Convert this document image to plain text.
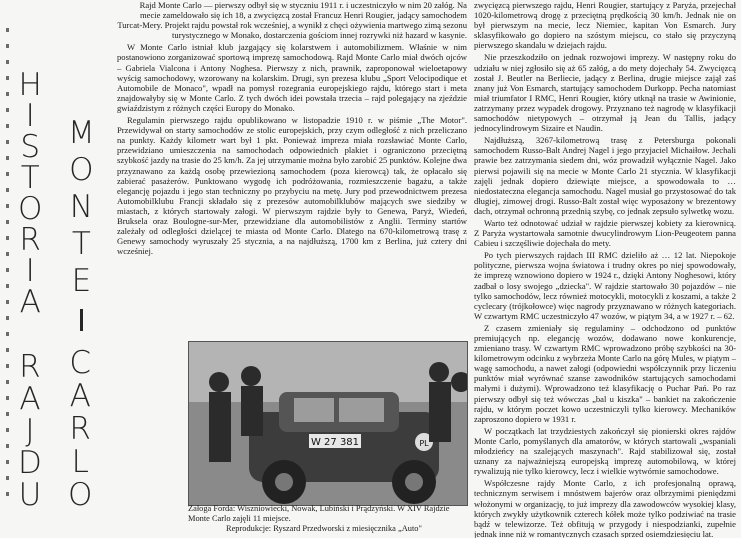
H
I
S
T
O
R
I
A
M
O
N
T
E
R
A
J
D
U
C
A
R
L
O

Rajd Monte Carlo — pierwszy odbył się w styczniu 1911 r. i uczestniczyło w nim 20 załóg. Na mecie zameldowało się ich 18, a zwycięzcą został Francuz Henri Rougier, jadący samochodem Turcat-Mery. Projekt rajdu powstał rok wcześniej, a wynikł z chęci ożywienia martwego zimą sezonu turystycznego w Monako, dostarczenia gościom innej rozrywki niż hazard w kasynie.

W Monte Carlo istniał klub jazgający się kolarstwem i automobilizmem. Właśnie w nim postanowiono zorganizować sportową imprezę samochodową. Rajd Monte Carlo miał dwóch ojców – Gabriela Vialcona i Antony Noghesa. Pierwszy z nich, prawnik, zaproponował wieloetapowy wyścig samochodowy, wzorowany na kolarskim. Drugi, syn prezesa klubu „Sport Velocipodique et Automobile de Monaco", wpadł na pomysł rozegrania europejskiego rajdu, którego start i meta znajdowałyby się w Monte Carlo. Z tych dwóch idei powstała trzecia – rajd polegający na zjeździe gwiaździstym z różnych części Europy do Monako.

Regulamin pierwszego rajdu opublikowano w listopadzie 1910 r. w piśmie „The Motor". Przewidywał on starty samochodów ze stolic europejskich, przy czym odległość z nich przeliczano na punkty. Każdy kilometr wart był 1 pkt. Ponieważ impreza miała rozsławiać Monte Carlo, przewidziano umieszczenia na samochodach odpowiednich plakiet i ograniczono przeciętną szybkość jazdy na trasie do 25 km/h. Za jej utrzymanie można było zarobić 25 punktów. Kolejne dwa przyznawano za każdą osobę przewiezioną samochodem (poza kierowcą) tak, że opłacało się zabierać pasażerów. Punktowano wygodę ich podróżowania, rozmieszczenie bagażu, a także elegancję pojazdu i jego stan techniczny po przybyciu na metę. Jury pod przewodnictwem prezesa Automobilklubu Francji składało się z prezesów automobilklubów mających swe siedziby w miastach, z których startowały załogi. W pierwszym rajdzie były to Genewa, Paryż, Wiedeń, Bruksela oraz Boulogne-sur-Mer, przewidziane dla automobilistów z Anglii. Terminy startów zależały od odległości dzielącej te miasta od Monte Carlo. Dlatego na 670-kilometrową trasę z Genewy samochody wyruszały 25 stycznia, a na najdłuższą, 1700 km z Berlina, już cztery dni wcześniej.

zwycięzcą pierwszego rajdu, Henri Rougier, startujący z Paryża, przejechał 1020-kilometrową drogę z przeciętną prędkością 30 km/h. Jednak nie on był pierwszym na mecie, lecz Niemiec, kapitan Von Esmarch. Jury sklasyfikowało go dopiero na szóstym miejscu, co stało się przyczyną pierwszego skandalu w dziejach rajdu.

Nie przeszkodziło on jednak rozwojowi imprezy. W następny roku do udziału w niej zgłosiło się aż 65 załóg, a do mety dojechały 54. Zwycięzcą został J. Beutler na Berliecie, jadący z Berlina, drugie miejsce zajął zaś znany już Von Esmarch, startujący samochodem Durkopp. Pecha natomiast miał triumfator I RMC, Henri Rougier, który utknął na trasie w Awinionie, zatrzymany przez wypadek drogowy. Przyznano też nagrodę w klasyfikacji samochodów nietypowych – otrzymał ją Jean du Tallis, jadący jednocylindrowym Sizaire et Naudin.

Najdłuższą, 3267-kilometrową trasę z Petersburga pokonali samochodem Russo-Balt Andrej Nagel i jego przyjaciel Michaiłow. Jechali prawie bez zatrzymania siedem dni, wóz prowadził wyłącznie Nagel. Jako pierwsi pojawili się na mecie w Monte Carlo 21 stycznia. W klasyfikacji zajęli jednak dopiero dziewiąte miejsce, a spowodowała to … niedostateczna elegancja samochodu. Nagel musiał go przystosować do tak długiej, zimowej drogi. Russo-Balt został więc wyposażony w brezentowy dach, otrzymał ochronną przednią szybę, co jednak zepsuło sylwetkę wozu.

Warto też odnotować udział w rajdzie pierwszej kobiety za kierownicą. Z Paryża wystartowała samotnie dwucylindrowym Lion-Peugeotem panna Cabieu i szczęśliwie dojechała do mety.

Po tych pierwszych rajdach III RMC dzieliło aż … 12 lat. Niepokoje polityczne, pierwsza wojna światowa i trudny okres po niej spowodowały, że imprezę wznowiono dopiero w 1924 r., dzięki Antony Noghesowi, który zadbał o losy swojego „dziecka". W rajdzie startowało 30 pojazdów – nie tylko samochodów, lecz również motocykli, motocykli z koszami, a także 2 cyclecary (trójkołowce) więc nagrody przyznawano w różnych kategoriach. W czwartym RMC uczestniczyło 47 wozów, w piątym 34, a w 1927 r. – 62.

Z czasem zmieniały się regulaminy – odchodzono od punktów premiujących np. elegancję wozów, dodawano nowe konkurencje, zmieniano trasy. W czwartym RMC wprowadzono próbę szybkości na 30-kilometrowym odcinku z wybrzeża Monte Carlo na górę Mules, w piątym – wagę samochodu, a nawet załogi (odpowiedni współczynnik przy liczeniu punktów miał wyrównać szanse zawodników startujących samochodami małymi i dużymi). Wprowadzono też klasyfikację o Puchar Pań. Po raz pierwszy odbył się też wówczas „bal u kiszka" – bankiet na zakończenie rajdu, w którym poczet kowo uczestniczyli tylko kierowcy. Mechaników zaproszono dopiero w 1931 r.

W początkach lat trzydziestych zakończył się pionierski okres rajdów Monte Carlo, pomyślanych dla amatorów, w których startowali „wspaniali młodzieńcy na szalejących maszynach". Rajd stabilizował się, został uznany za najważniejszą europejską imprezę automobilową, w której rywalizują nie tylko kierowcy, lecz i wielkie wytwórnie samochodowe.

Współczesne rajdy Monte Carlo, z ich profesjonalną oprawą, technicznym serwisem i mnóstwem bajerów oraz olbrzymimi pieniędzmi włożonymi w organizację, to już imprezy dla zawodowców wysokiej klasy, których zwykły użytkownik czterech kółek może tylko podziwiać na trasie bądź w telewizorze. Też obfitują w przygody i niespodzianki, zupełnie jednak inne niż w romantycznych czasach sprzed osiemdziesięciu lat.

W 27 381	PL

Załoga Forda: Wiszniowiecki, Nowak, Lubiński i Prądzyński. W XIV Rajdzie Monte Carlo zajęli 11 miejsce.

Reprodukcje: Ryszard Przedworski z miesięcznika „Auto"
